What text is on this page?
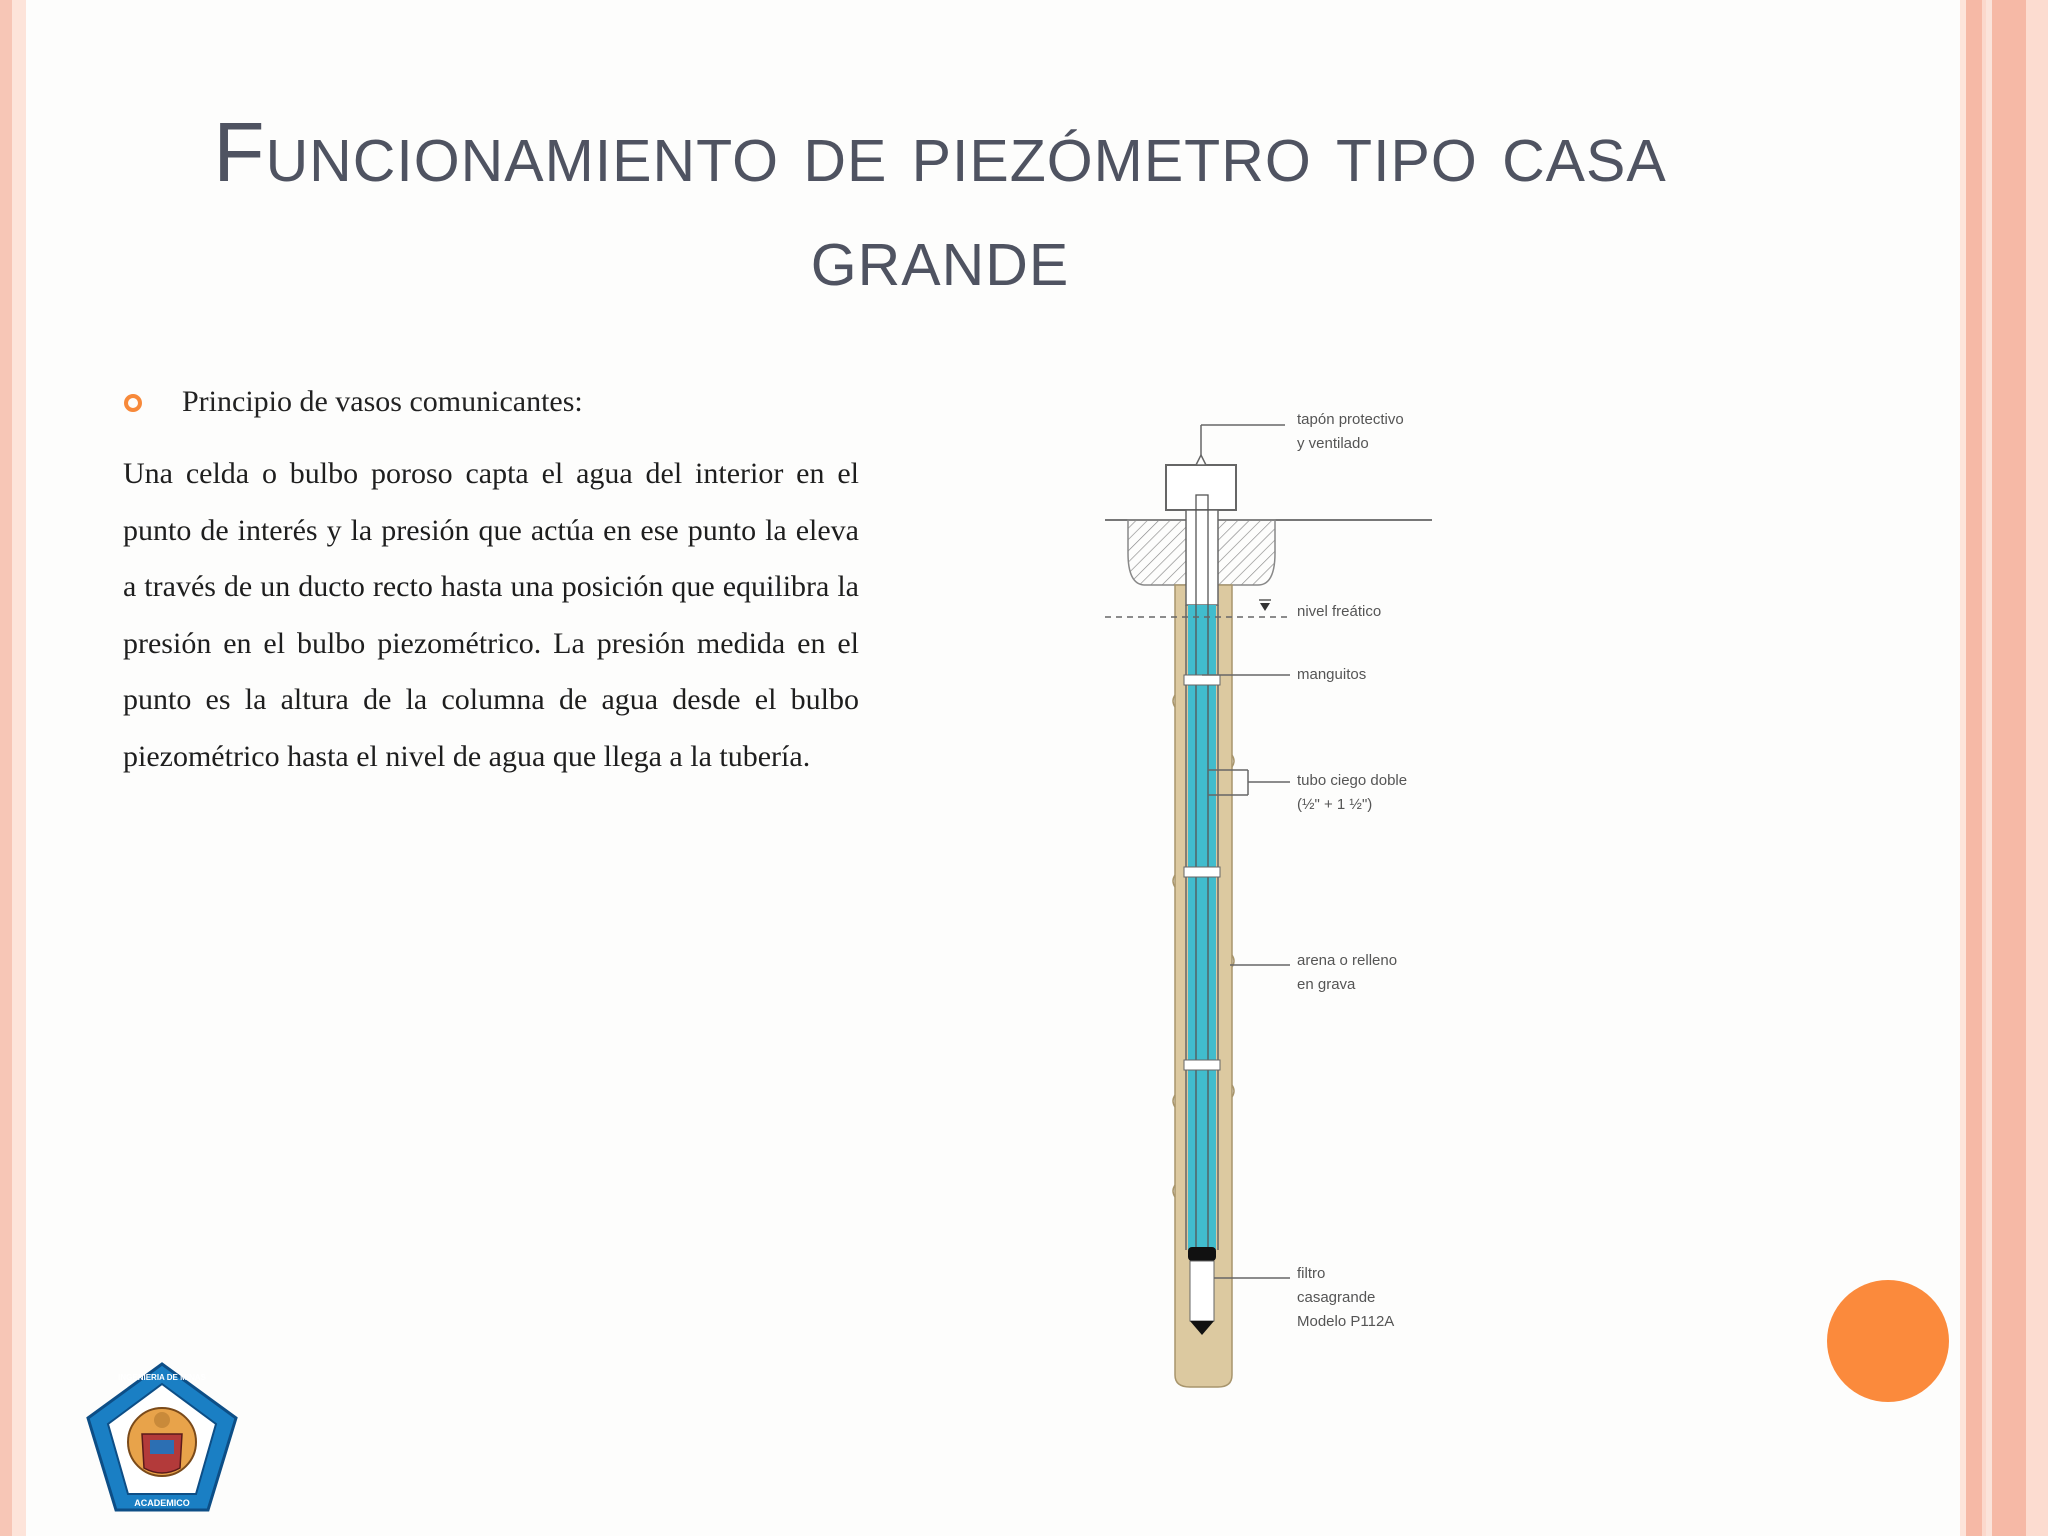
Funcionamiento de piezómetro tipo casa grande
Principio de vasos comunicantes:

Una celda o bulbo poroso capta el agua del interior en el punto de interés y la presión que actúa en ese punto la eleva a través de un ducto recto hasta una posición que equilibra la presión en el bulbo piezométrico. La presión medida en el punto es la altura de la columna de agua desde el bulbo piezométrico hasta el nivel de agua que llega a la tubería.

tapón protectivo
y ventilado
nivel freático
manguitos
tubo ciego doble
(½" + 1 ½")
arena o relleno
en grava
filtro
casagrande
Modelo P112A
ACADEMICO
INGENIERIA DE MINAS
